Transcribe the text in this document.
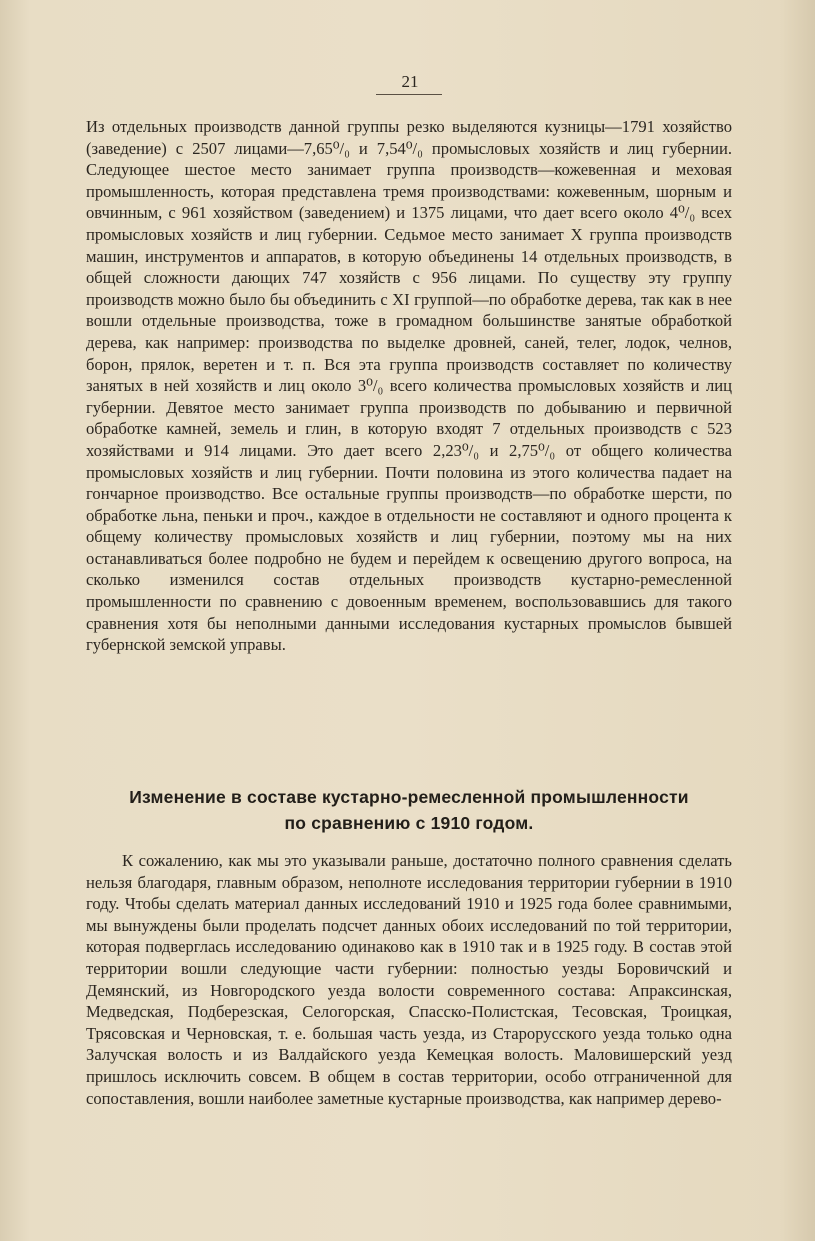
21
Из отдельных производств данной группы резко выделяются кузницы—1791 хозяйство (заведение) с 2507 лицами—7,65⁰/₀ и 7,54⁰/₀ промысловых хозяйств и лиц губернии. Следующее шестое место занимает группа производств—кожевенная и меховая промышленность, которая представлена тремя производствами: кожевенным, шорным и овчинным, с 961 хозяйством (заведением) и 1375 лицами, что дает всего около 4⁰/₀ всех промысловых хозяйств и лиц губернии. Седьмое место занимает X группа производств машин, инструментов и аппаратов, в которую объединены 14 отдельных производств, в общей сложности дающих 747 хозяйств с 956 лицами. По существу эту группу производств можно было бы объединить с XI группой—по обработке дерева, так как в нее вошли отдельные производства, тоже в громадном большинстве занятые обработкой дерева, как например: производства по выделке дровней, саней, телег, лодок, челнов, борон, прялок, веретен и т. п. Вся эта группа производств составляет по количеству занятых в ней хозяйств и лиц около 3⁰/₀ всего количества промысловых хозяйств и лиц губернии. Девятое место занимает группа производств по добыванию и первичной обработке камней, земель и глин, в которую входят 7 отдельных производств с 523 хозяйствами и 914 лицами. Это дает всего 2,23⁰/₀ и 2,75⁰/₀ от общего количества промысловых хозяйств и лиц губернии. Почти половина из этого количества падает на гончарное производство. Все остальные группы производств—по обработке шерсти, по обработке льна, пеньки и проч., каждое в отдельности не составляют и одного процента к общему количеству промысловых хозяйств и лиц губернии, поэтому мы на них останавливаться более подробно не будем и перейдем к освещению другого вопроса, на сколько изменился состав отдельных производств кустарно-ремесленной промышленности по сравнению с довоенным временем, воспользовавшись для такого сравнения хотя бы неполными данными исследования кустарных промыслов бывшей губернской земской управы.
Изменение в составе кустарно-ремесленной промышленности
по сравнению с 1910 годом.
К сожалению, как мы это указывали раньше, достаточно полного сравнения сделать нельзя благодаря, главным образом, неполноте исследования территории губернии в 1910 году. Чтобы сделать материал данных исследований 1910 и 1925 года более сравнимыми, мы вынуждены были проделать подсчет данных обоих исследований по той территории, которая подверглась исследованию одинаково как в 1910 так и в 1925 году. В состав этой территории вошли следующие части губернии: полностью уезды Боровичский и Демянский, из Новгородского уезда волости современного состава: Апраксинская, Медведская, Подберезская, Селогорская, Спасско-Полистская, Тесовская, Троицкая, Трясовская и Черновская, т. е. большая часть уезда, из Старорусского уезда только одна Залучская волость и из Валдайского уезда Кемецкая волость. Маловишерский уезд пришлось исключить совсем. В общем в состав территории, особо отграниченной для сопоставления, вошли наиболее заметные кустарные производства, как например дерево-
